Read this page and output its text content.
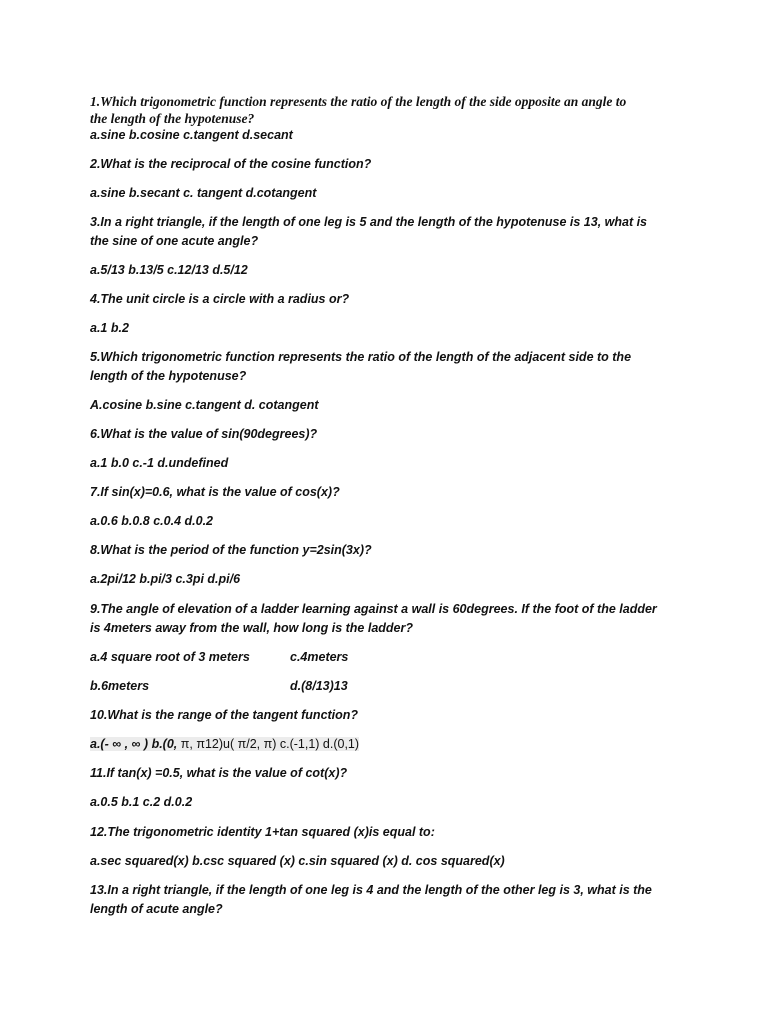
1.Which trigonometric function represents the ratio of the length of the side opposite an angle to
the length of the hypotenuse?
a.sine b.cosine c.tangent d.secant
2.What is the reciprocal of the cosine function?
a.sine b.secant c. tangent d.cotangent
3.In a right triangle, if the length of one leg is 5 and the length of the hypotenuse is 13, what is
the sine of one acute angle?
a.5/13 b.13/5 c.12/13 d.5/12
4.The unit circle is a circle with a radius or?
a.1 b.2
5.Which trigonometric function represents the ratio of the length of the adjacent side to the
length of the hypotenuse?
A.cosine b.sine c.tangent d. cotangent
6.What is the value of sin(90degrees)?
a.1 b.0 c.-1 d.undefined
7.If sin(x)=0.6, what is the value of cos(x)?
a.0.6 b.0.8 c.0.4 d.0.2
8.What is the period of the function y=2sin(3x)?
a.2pi/12 b.pi/3 c.3pi d.pi/6
9.The angle of elevation of a ladder learning against a wall is 60degrees. If the foot of the ladder
is 4meters away from the wall, how long is the ladder?
a.4 square root of 3 meters	c.4meters
b.6meters	d.(8/13)13
10.What is the range of the tangent function?
a.(- ∞ , ∞ ) b.(0, π, π12)u( π/2, π) c.(-1,1) d.(0,1)
11.If tan(x) =0.5, what is the value of cot(x)?
a.0.5 b.1 c.2 d.0.2
12.The trigonometric identity 1+tan squared (x)is equal to:
a.sec squared(x) b.csc squared (x) c.sin squared (x) d. cos squared(x)
13.In a right triangle, if the length of one leg is 4 and the length of the other leg is 3, what is the
length of acute angle?
